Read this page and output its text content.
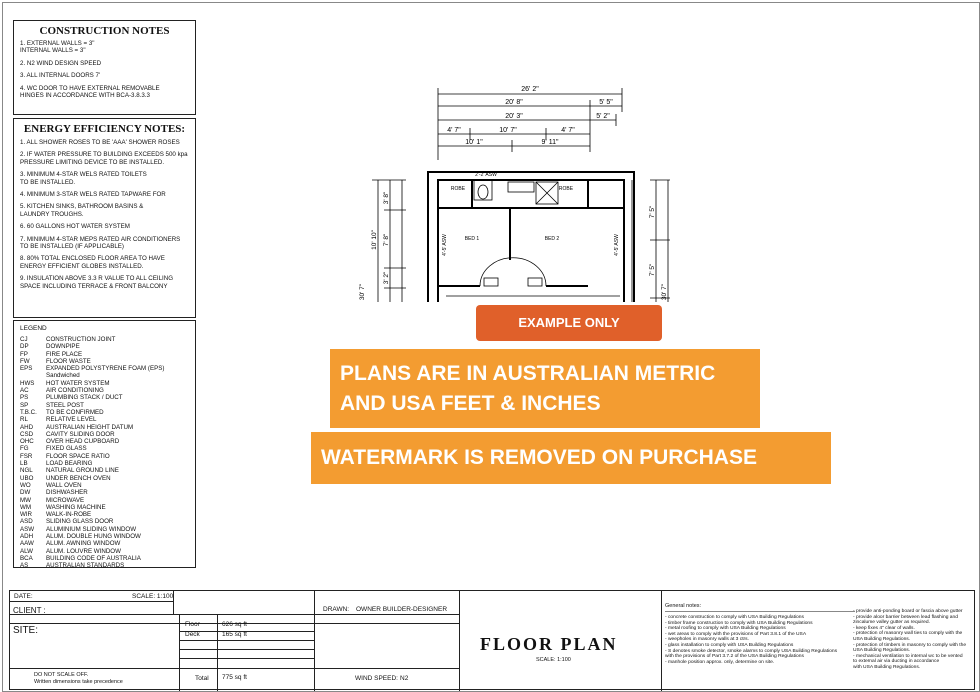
CONSTRUCTION NOTES
1. EXTERNAL WALLS = 3"
INTERNAL WALLS = 3"
2. N2 WIND DESIGN SPEED
3. ALL INTERNAL DOORS 7'
4. WC DOOR TO HAVE EXTERNAL REMOVABLE
HINGES IN ACCORDANCE WITH BCA-3.8.3.3
ENERGY EFFICIENCY NOTES:
1. ALL SHOWER ROSES TO BE 'AAA' SHOWER ROSES
2. IF WATER PRESSURE TO BUILDING EXCEEDS 500 kpa
PRESSURE LIMITING DEVICE TO BE INSTALLED.
3. MINIMUM 4-STAR WELS RATED TOILETS
TO BE INSTALLED.
4. MINIMUM 3-STAR WELS RATED TAPWARE FOR
5. KITCHEN SINKS, BATHROOM BASINS &
LAUNDRY TROUGHS.
6. 60 GALLONS HOT WATER SYSTEM
7. MINIMUM 4-STAR MEPS RATED AIR CONDITIONERS
TO BE INSTALLED (IF APPLICABLE)
8. 80% TOTAL ENCLOSED FLOOR AREA TO HAVE
ENERGY EFFICIENT GLOBES INSTALLED.
9. INSULATION ABOVE 3.3 R VALUE TO ALL CEILING
SPACE INCLUDING TERRACE & FRONT BALCONY
LEGEND
CJ	CONSTRUCTION JOINT
DP	DOWNPIPE
FP	FIRE PLACE
FW	FLOOR WASTE
EPS	EXPANDED POLYSTYRENE FOAM (EPS) Sandwiched
HWS	HOT WATER SYSTEM
AC	AIR CONDITIONING
PS	PLUMBING STACK / DUCT
SP	STEEL POST
T.B.C.	TO BE CONFIRMED
RL	RELATIVE LEVEL
AHD	AUSTRALIAN HEIGHT DATUM
CSD	CAVITY SLIDING DOOR
OHC	OVER HEAD CUPBOARD
FG	FIXED GLASS
FSR	FLOOR SPACE RATIO
LB	LOAD BEARING
NGL	NATURAL GROUND LINE
UBO	UNDER BENCH OVEN
WO	WALL OVEN
DW	DISHWASHER
MW	MICROWAVE
WM	WASHING MACHINE
WIR	WALK-IN-ROBE
ASD	SLIDING GLASS DOOR
ASW	ALUMINIUM SLIDING WINDOW
ADH	ALUM. DOUBLE HUNG WINDOW
AAW	ALUM. AWNING WINDOW
ALW	ALUM. LOUVRE WINDOW
BCA	BUILDING CODE OF AUSTRALIA
AS	AUSTRALIAN STANDARDS
26' 2"
20' 8"	5' 5"
20' 3"	5' 2"
4' 7"	10' 7"	4' 7"
10' 1"	9' 11"
3' 8"
7' 8"
10' 10"
3' 2"
30' 7"
7' 5"
7' 5"
30' 7"
ROBE	ROBE
BED 1	BED 2
2'-2' ASW
4'-5' ASW	4'-5' ASW
EXAMPLE ONLY
PLANS ARE IN AUSTRALIAN METRIC
AND USA FEET & INCHES
WATERMARK IS REMOVED ON PURCHASE
DATE:	SCALE: 1:100
CLIENT :
SITE:
Floor	626 sq ft
Deck	165 sq ft
Total 775 sq ft
DRAWN: OWNER BUILDER-DESIGNER
WIND SPEED: N2
DO NOT SCALE OFF.
Written dimensions take precedence
FLOOR PLAN
SCALE: 1:100
General notes:
- concrete construction to comply with USA Building Regulations
- timber frame construction to comply with USA Building Regulations
- metal roofing to comply with USA Building Regulations
- wet areas to comply with the provisions of Part 3.8.1 of the USA
- weepholes in masonry walls at 3 ctrs.
- glass installation to comply with USA Building Regulations
- S denotes smoke detector, smoke alarms to comply USA Building Regulations
with the provisions of Part 3.7.2 of the USA Building Regulations
- manhole position approx. only, determine on site.
- provide anti-ponding board or fascia above gutter
- provide aloor barrier between lead flashing and
zincalume valley gutter as required.
- keep fixes 4" clear of walls.
- protection of masonry wall ties to comply with the
USA Building Regulations.
- protection of timbers in masonry to comply with the
USA Building Regulations.
- mechanical ventilation to internal wc to be vented
to external air via ducting in accordance
with USA Building Regulations.
